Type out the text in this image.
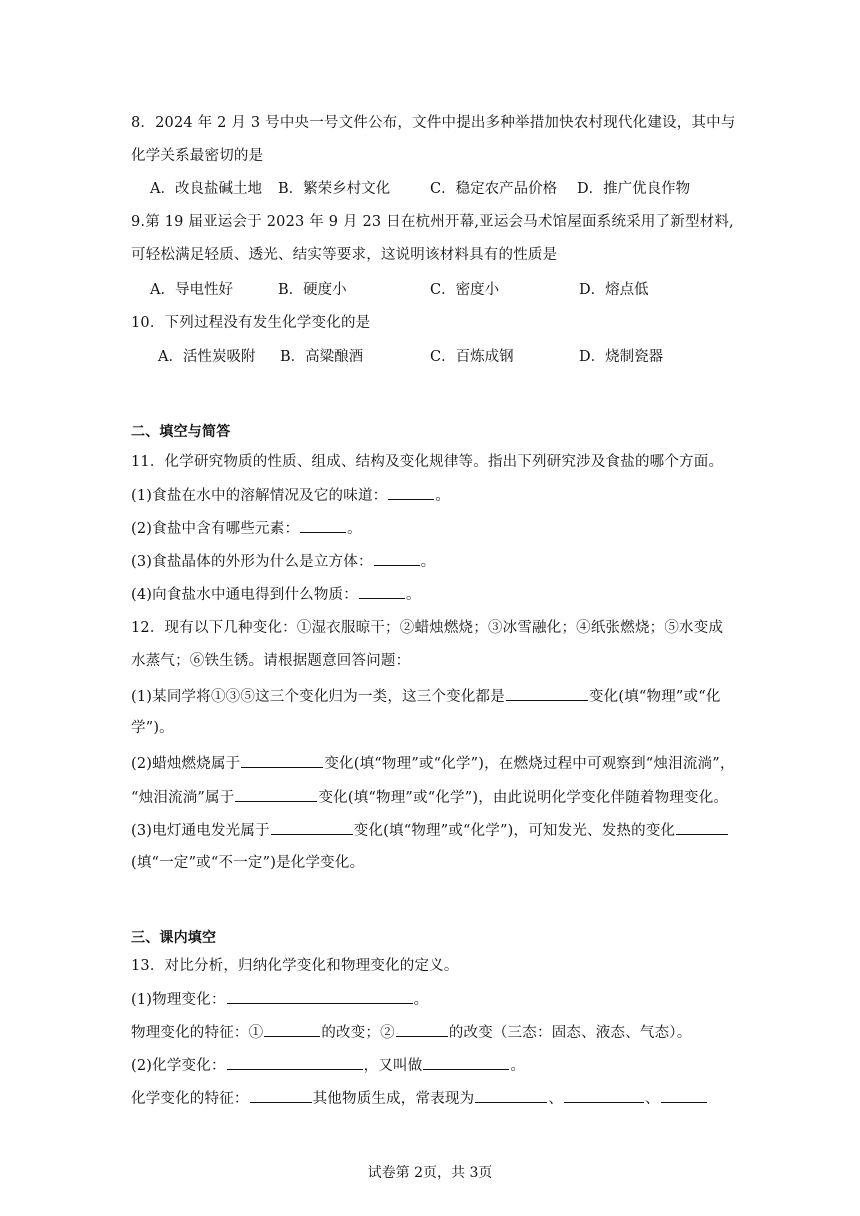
8．2024 年 2 月 3 号中央一号文件公布，文件中提出多种举措加快农村现代化建设，其中与
化学关系最密切的是
A．改良盐碱土地 B．繁荣乡村文化	C．稳定农产品价格 D．推广优良作物
9.第 19 届亚运会于 2023 年 9 月 23 日在杭州开幕,亚运会马术馆屋面系统采用了新型材料,
可轻松满足轻质、透光、结实等要求，这说明该材料具有的性质是
A．导电性好	B．硬度小	C．密度小	D．熔点低
10．下列过程没有发生化学变化的是
A．活性炭吸附 B．高粱酿酒	C．百炼成钢	D．烧制瓷器
二、填空与简答
11．化学研究物质的性质、组成、结构及变化规律等。指出下列研究涉及食盐的哪个方面。
(1)食盐在水中的溶解情况及它的味道：	。
(2)食盐中含有哪些元素：	。
(3)食盐晶体的外形为什么是立方体：	。
(4)向食盐水中通电得到什么物质：	。
12．现有以下几种变化：①湿衣服晾干；②蜡烛燃烧；③冰雪融化；④纸张燃烧；⑤水变成
水蒸气；⑥铁生锈。请根据题意回答问题：
(1)某同学将①③⑤这三个变化归为一类，这三个变化都是	变化(填“物理”或“化
学”)。
(2)蜡烛燃烧属于	变化(填“物理”或“化学”)，在燃烧过程中可观察到“烛泪流淌”，
“烛泪流淌”属于	变化(填“物理”或“化学”)，由此说明化学变化伴随着物理变化。
(3)电灯通电发光属于	变化(填“物理”或“化学”)，可知发光、发热的变化
(填“一定”或“不一定”)是化学变化。
三、课内填空
13．对比分析，归纳化学变化和物理变化的定义。
(1)物理变化：	。
物理变化的特征：①	的改变；②	的改变（三态：固态、液态、气态）。
(2)化学变化：	，又叫做	。
化学变化的特征：	其他物质生成，常表现为	、	、
试卷第 2页，共 3页
